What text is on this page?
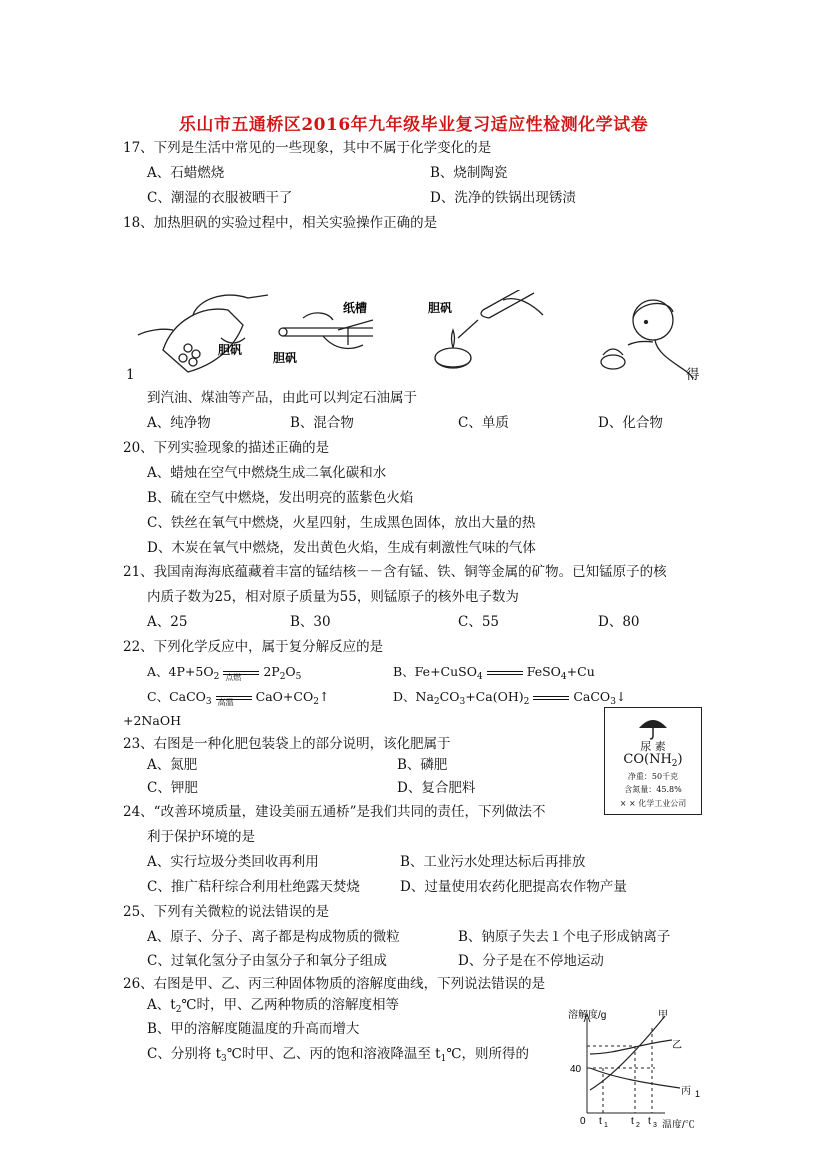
乐山市五通桥区2016年九年级毕业复习适应性检测化学试卷
17、下列是生活中常见的一些现象，其中不属于化学变化的是
A、石蜡燃烧	B、烧制陶瓷
C、潮湿的衣服被晒干了	D、洗净的铁锅出现锈渍
18、加热胆矾的实验过程中，相关实验操作正确的是
胆矾
胆矾
纸槽	胆矾
1	得
到汽油、煤油等产品，由此可以判定石油属于
A、纯净物	B、混合物	C、单质	D、化合物
20、下列实验现象的描述正确的是
A、蜡烛在空气中燃烧生成二氧化碳和水
B、硫在空气中燃烧，发出明亮的蓝紫色火焰
C、铁丝在氧气中燃烧，火星四射，生成黑色固体，放出大量的热
D、木炭在氧气中燃烧，发出黄色火焰，生成有刺激性气味的气体
21、我国南海海底蕴藏着丰富的锰结核－－含有锰、铁、铜等金属的矿物。已知锰原子的核
内质子数为25，相对原子质量为55，则锰原子的核外电子数为
A、25	B、30	C、55	D、80
22、下列化学反应中，属于复分解反应的是
A、$4P+5O_2$ $^{点燃}$ $2P_2O_5$	B、Fe+CuSO$_4$	FeSO$_4$+Cu
C、CaCO$_3$ $^{高温}$ $CaO+CO_2↑$	D、$Na_2CO_3+Ca(OH)_2$	CaCO$_3$↓
+2NaOH
23、右图是一种化肥包装袋上的部分说明，该化肥属于
A、氮肥	B、磷肥
C、钾肥	D、复合肥料
尿 素
$CO(NH_2)$
净重：50千克
含氮量：45.8%
× × 化学工业公司
24、“改善环境质量，建设美丽五通桥”是我们共同的责任，下列做法不
利于保护环境的是
A、实行垃圾分类回收再利用	B、工业污水处理达标后再排放
C、推广秸秆综合利用杜绝露天焚烧	D、过量使用农药化肥提高农作物产量
25、下列有关微粒的说法错误的是
A、原子、分子、离子都是构成物质的微粒	B、钠原子失去１个电子形成钠离子
C、过氧化氢分子由氢分子和氧分子组成	D、分子是在不停地运动
26、右图是甲、乙、丙三种固体物质的溶解度曲线，下列说法错误的是
A、$t_2℃$时，甲、乙两种物质的溶解度相等
B、甲的溶解度随温度的升高而增大
C、分别将 $t_3℃$时甲、乙、丙的饱和溶液降温至 $t_1℃$，则所得的
溶解度/g
40
0 t 1 t 2 t 3 温度/℃
甲
乙
丙 1
